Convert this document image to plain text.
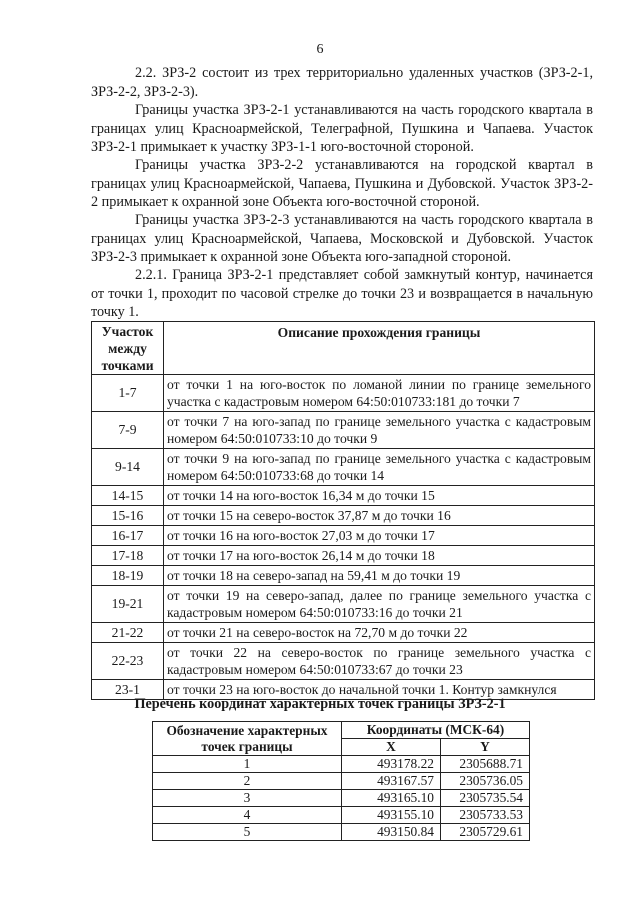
6

2.2. ЗРЗ-2 состоит из трех территориально удаленных участков (ЗРЗ-2-1, ЗРЗ-2-2, ЗРЗ-2-3).

Границы участка ЗРЗ-2-1 устанавливаются на часть городского квартала в границах улиц Красноармейской, Телеграфной, Пушкина и Чапаева. Участок ЗРЗ-2-1 примыкает к участку ЗРЗ-1-1 юго-восточной стороной.

Границы участка ЗРЗ-2-2 устанавливаются на городской квартал в границах улиц Красноармейской, Чапаева, Пушкина и Дубовской. Участок ЗРЗ-2-2 примыкает к охранной зоне Объекта юго-восточной стороной.

Границы участка ЗРЗ-2-3 устанавливаются на часть городского квартала в границах улиц Красноармейской, Чапаева, Московской и Дубовской. Участок ЗРЗ-2-3 примыкает к охранной зоне Объекта юго-западной стороной.

2.2.1. Граница ЗРЗ-2-1 представляет собой замкнутый контур, начинается от точки 1, проходит по часовой стрелке до точки 23 и возвращается в начальную точку 1.

Участок между точками	Описание прохождения границы
1-7	от точки 1 на юго-восток по ломаной линии по границе земельного участка с кадастровым номером 64:50:010733:181 до точки 7
7-9	от точки 7 на юго-запад по границе земельного участка с кадастровым номером 64:50:010733:10 до точки 9
9-14	от точки 9 на юго-запад по границе земельного участка с кадастровым номером 64:50:010733:68 до точки 14
14-15	от точки 14 на юго-восток 16,34 м до точки 15
15-16	от точки 15 на северо-восток 37,87 м до точки 16
16-17	от точки 16 на юго-восток 27,03 м до точки 17
17-18	от точки 17 на юго-восток 26,14 м до точки 18
18-19	от точки 18 на северо-запад на 59,41 м до точки 19
19-21	от точки 19 на северо-запад, далее по границе земельного участка с кадастровым номером 64:50:010733:16 до точки 21
21-22	от точки 21 на северо-восток на 72,70 м до точки 22
22-23	от точки 22 на северо-восток по границе земельного участка с кадастровым номером 64:50:010733:67 до точки 23
23-1	от точки 23 на юго-восток до начальной точки 1. Контур замкнулся
Перечень координат характерных точек границы ЗРЗ-2-1
Обозначение характерных точек границы	Координаты (МСК-64)	
	X	Y
1	493178.22	2305688.71
2	493167.57	2305736.05
3	493165.10	2305735.54
4	493155.10	2305733.53
5	493150.84	2305729.61
